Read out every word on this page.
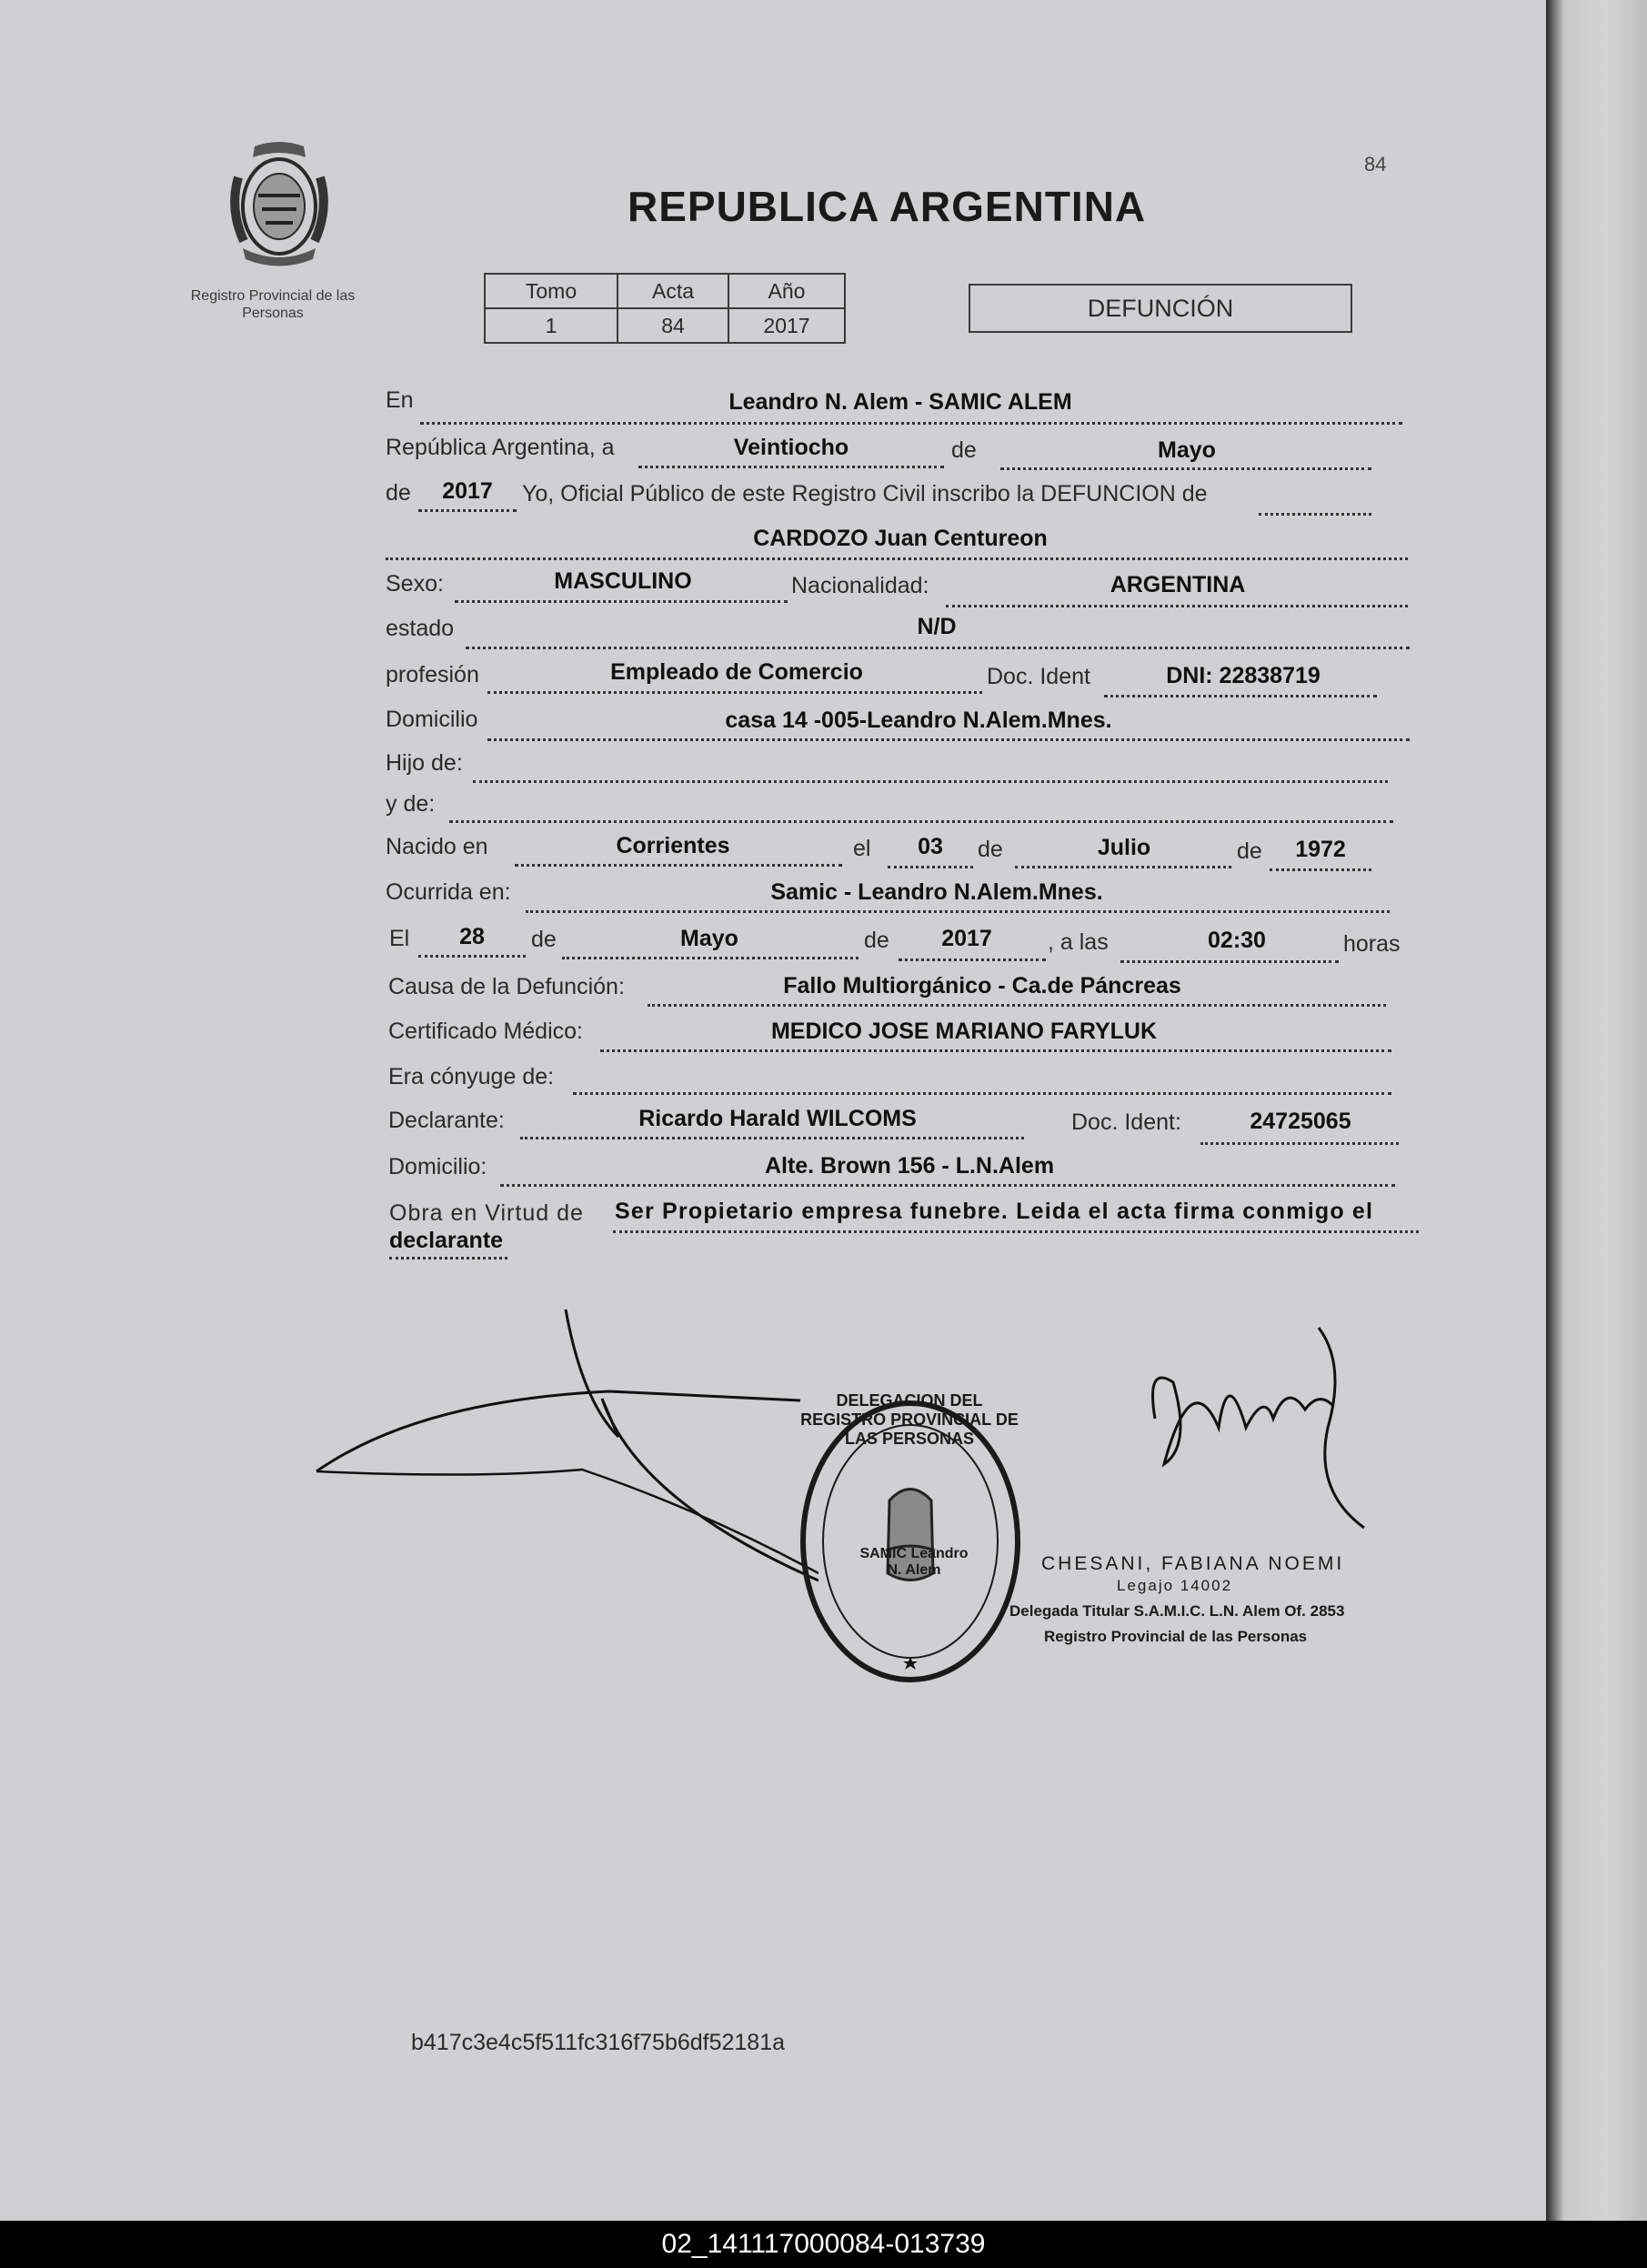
Registro Provincial de las Personas
REPUBLICA ARGENTINA
84
Tomo	Acta	Año
1	84	2017
DEFUNCIÓN
En	Leandro N. Alem - SAMIC ALEM
República Argentina, a	Veintiocho	de	Mayo
de	2017	Yo, Oficial Público de este Registro Civil inscribo la DEFUNCION de
CARDOZO Juan Centureon
Sexo:	MASCULINO	Nacionalidad:	ARGENTINA
estado	N/D
profesión	Empleado de Comercio	Doc. Ident	DNI: 22838719
Domicilio	casa 14 -005-Leandro N.Alem.Mnes.
Hijo de:
y de:
Nacido en	Corrientes	el	03	de	Julio	de	1972
Ocurrida en:	Samic - Leandro N.Alem.Mnes.
El	28	de	Mayo	de	2017	, a las	02:30	horas
Causa de la Defunción:	Fallo Multiorgánico - Ca.de Páncreas
Certificado Médico:	MEDICO JOSE MARIANO FARYLUK
Era cónyuge de:
Declarante:	Ricardo Harald WILCOMS	Doc. Ident:	24725065
Domicilio:	Alte. Brown 156 - L.N.Alem
Obra en Virtud de Ser Propietario empresa funebre. Leida el acta firma conmigo el
declarante
DELEGACION DEL REGISTRO PROVINCIAL DE LAS PERSONAS
SAMIC Leandro N. Alem	CHESANI, FABIANA NOEMI
Legajo 14002
Delegada Titular S.A.M.I.C. L.N. Alem Of. 2853
Registro Provincial de las Personas
b417c3e4c5f511fc316f75b6df52181a
02_141117000084-013739
